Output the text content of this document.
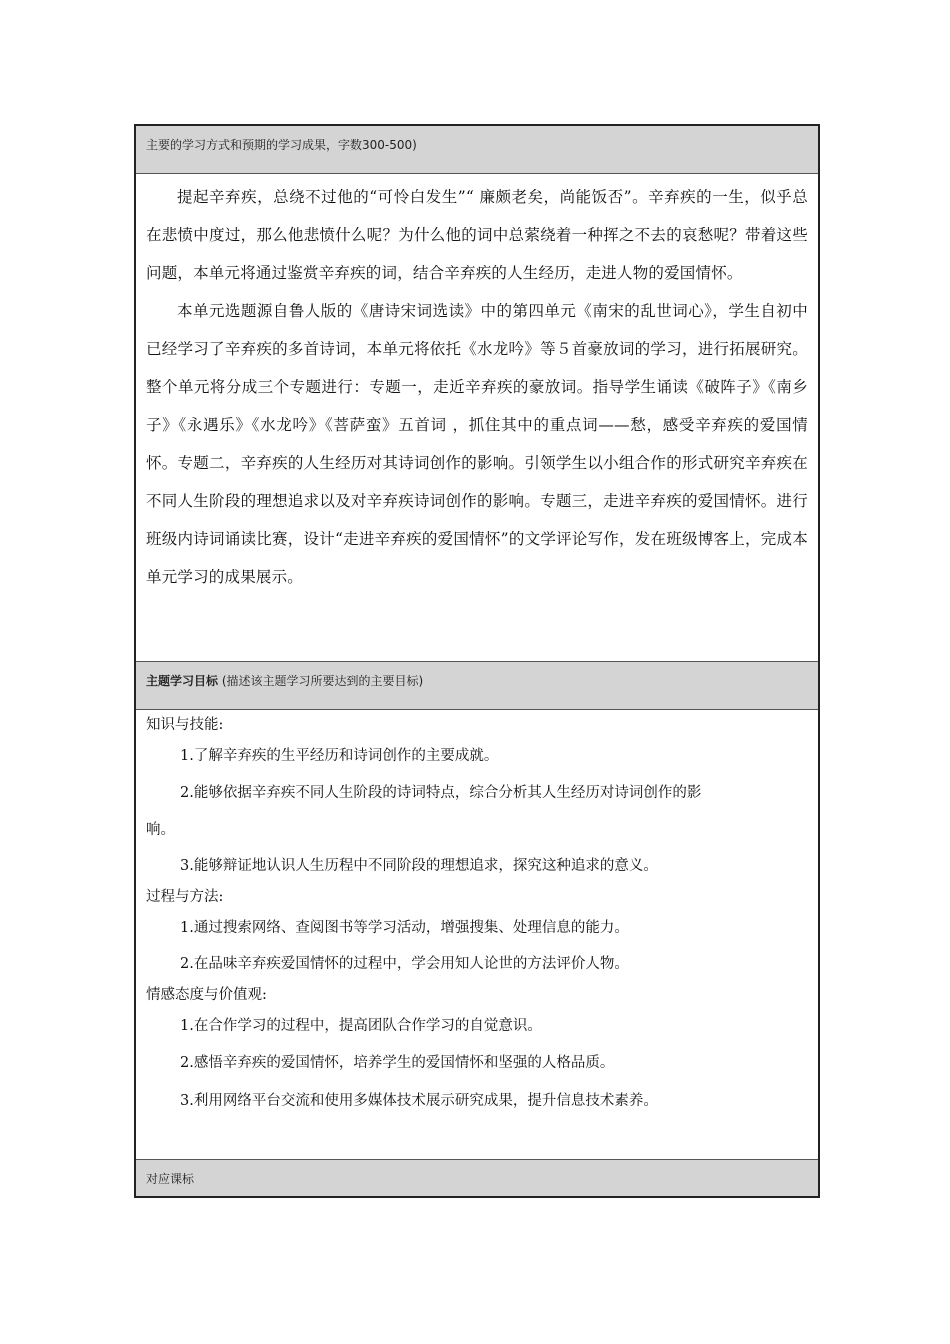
主要的学习方式和预期的学习成果，字数300-500)

提起辛弃疾，总绕不过他的“可怜白发生”“ 廉颇老矣，尚能饭否”。辛弃疾的一生，似乎总在悲愤中度过，那么他悲愤什么呢？为什么他的词中总萦绕着一种挥之不去的哀愁呢？带着这些问题，本单元将通过鉴赏辛弃疾的词，结合辛弃疾的人生经历，走进人物的爱国情怀。

本单元选题源自鲁人版的《唐诗宋词选读》中的第四单元《南宋的乱世词心》，学生自初中已经学习了辛弃疾的多首诗词，本单元将依托《水龙吟》等５首豪放词的学习，进行拓展研究。整个单元将分成三个专题进行：专题一，走近辛弃疾的豪放词。指导学生诵读《破阵子》《南乡子》《永遇乐》《水龙吟》《菩萨蛮》五首词 ，抓住其中的重点词——愁，感受辛弃疾的爱国情怀。专题二，辛弃疾的人生经历对其诗词创作的影响。引领学生以小组合作的形式研究辛弃疾在不同人生阶段的理想追求以及对辛弃疾诗词创作的影响。专题三，走进辛弃疾的爱国情怀。进行班级内诗词诵读比赛，设计“走进辛弃疾的爱国情怀”的文学评论写作，发在班级博客上，完成本单元学习的成果展示。

主题学习目标 (描述该主题学习所要达到的主要目标)

知识与技能:

1.了解辛弃疾的生平经历和诗词创作的主要成就。

2.能够依据辛弃疾不同人生阶段的诗词特点，综合分析其人生经历对诗词创作的影

响。

3.能够辩证地认识人生历程中不同阶段的理想追求，探究这种追求的意义。

过程与方法:

1.通过搜索网络、查阅图书等学习活动，增强搜集、处理信息的能力。

2.在品味辛弃疾爱国情怀的过程中，学会用知人论世的方法评价人物。

情感态度与价值观:

1.在合作学习的过程中，提高团队合作学习的自觉意识。

2.感悟辛弃疾的爱国情怀，培养学生的爱国情怀和坚强的人格品质。

3.利用网络平台交流和使用多媒体技术展示研究成果，提升信息技术素养。

对应课标
